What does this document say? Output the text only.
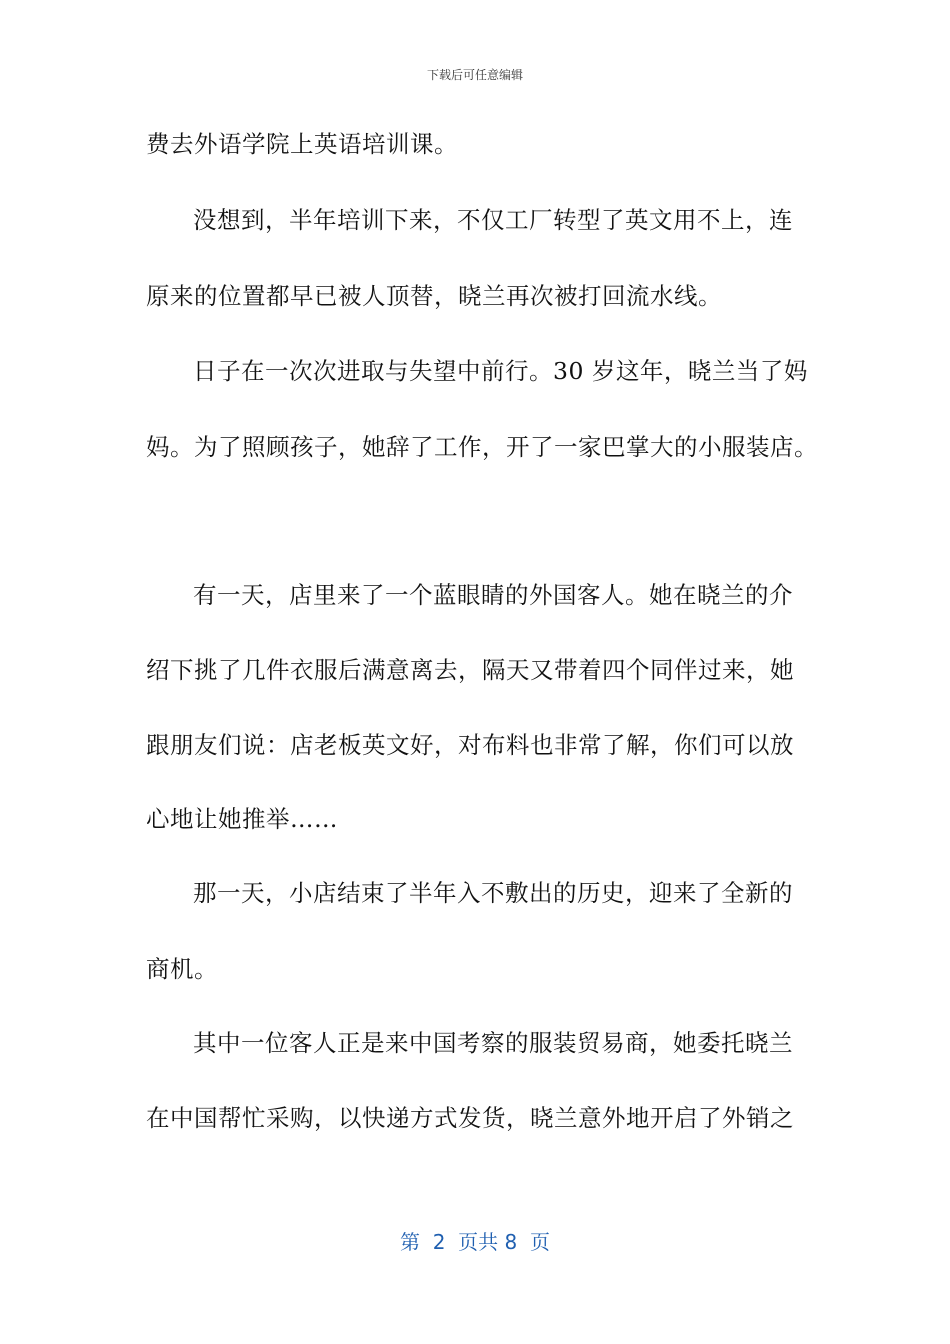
下载后可任意编辑
费去外语学院上英语培训课。
没想到，半年培训下来，不仅工厂转型了英文用不上，连
原来的位置都早已被人顶替，晓兰再次被打回流水线。
日子在一次次进取与失望中前行。30 岁这年，晓兰当了妈
妈。为了照顾孩子，她辞了工作，开了一家巴掌大的小服装店。
有一天，店里来了一个蓝眼睛的外国客人。她在晓兰的介
绍下挑了几件衣服后满意离去，隔天又带着四个同伴过来，她
跟朋友们说：店老板英文好，对布料也非常了解，你们可以放
心地让她推举……
那一天，小店结束了半年入不敷出的历史，迎来了全新的
商机。
其中一位客人正是来中国考察的服装贸易商，她委托晓兰
在中国帮忙采购，以快递方式发货，晓兰意外地开启了外销之
第  2  页共 8  页
